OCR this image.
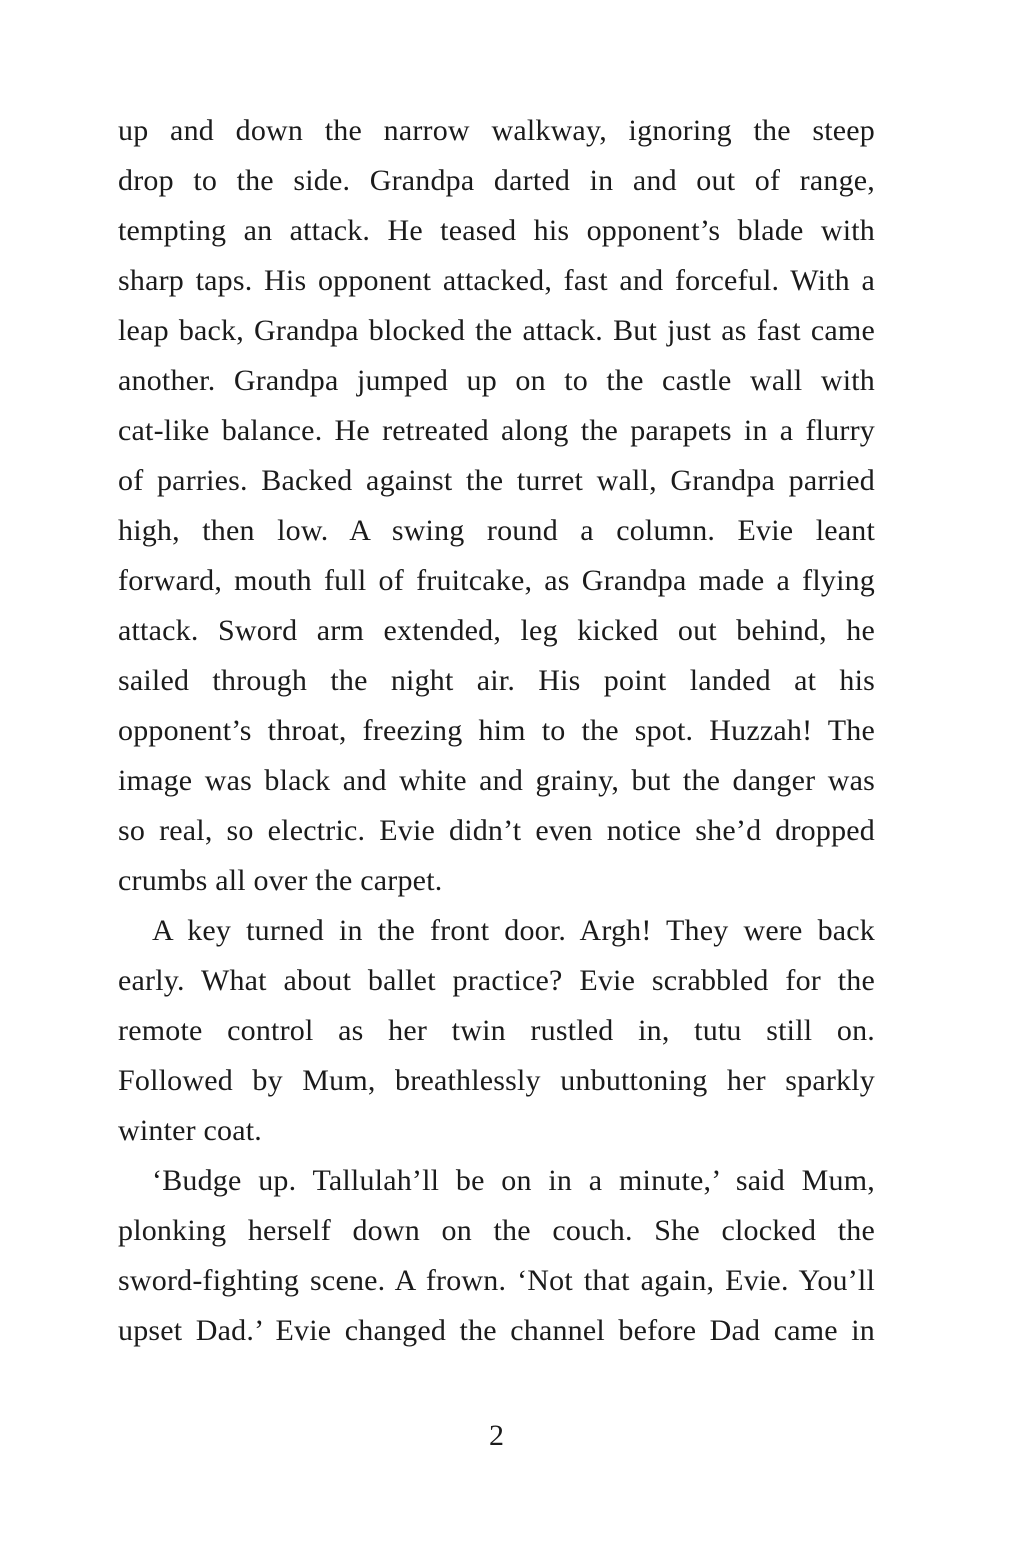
up and down the narrow walkway, ignoring the steep
drop to the side. Grandpa darted in and out of range,
tempting an attack. He teased his opponent’s blade with
sharp taps. His opponent attacked, fast and forceful. With a
leap back, Grandpa blocked the attack. But just as fast came
another. Grandpa jumped up on to the castle wall with
cat-like balance. He retreated along the parapets in a flurry
of parries. Backed against the turret wall, Grandpa parried
high, then low. A swing round a column. Evie leant
forward, mouth full of fruitcake, as Grandpa made a flying
attack. Sword arm extended, leg kicked out behind, he
sailed through the night air. His point landed at his
opponent’s throat, freezing him to the spot. Huzzah! The
image was black and white and grainy, but the danger was
so real, so electric. Evie didn’t even notice she’d dropped
crumbs all over the carpet.
A key turned in the front door. Argh! They were back
early. What about ballet practice? Evie scrabbled for the
remote control as her twin rustled in, tutu still on.
Followed by Mum, breathlessly unbuttoning her sparkly
winter coat.
‘Budge up. Tallulah’ll be on in a minute,’ said Mum,
plonking herself down on the couch. She clocked the
sword-fighting scene. A frown. ‘Not that again, Evie. You’ll
upset Dad.’ Evie changed the channel before Dad came in
2
